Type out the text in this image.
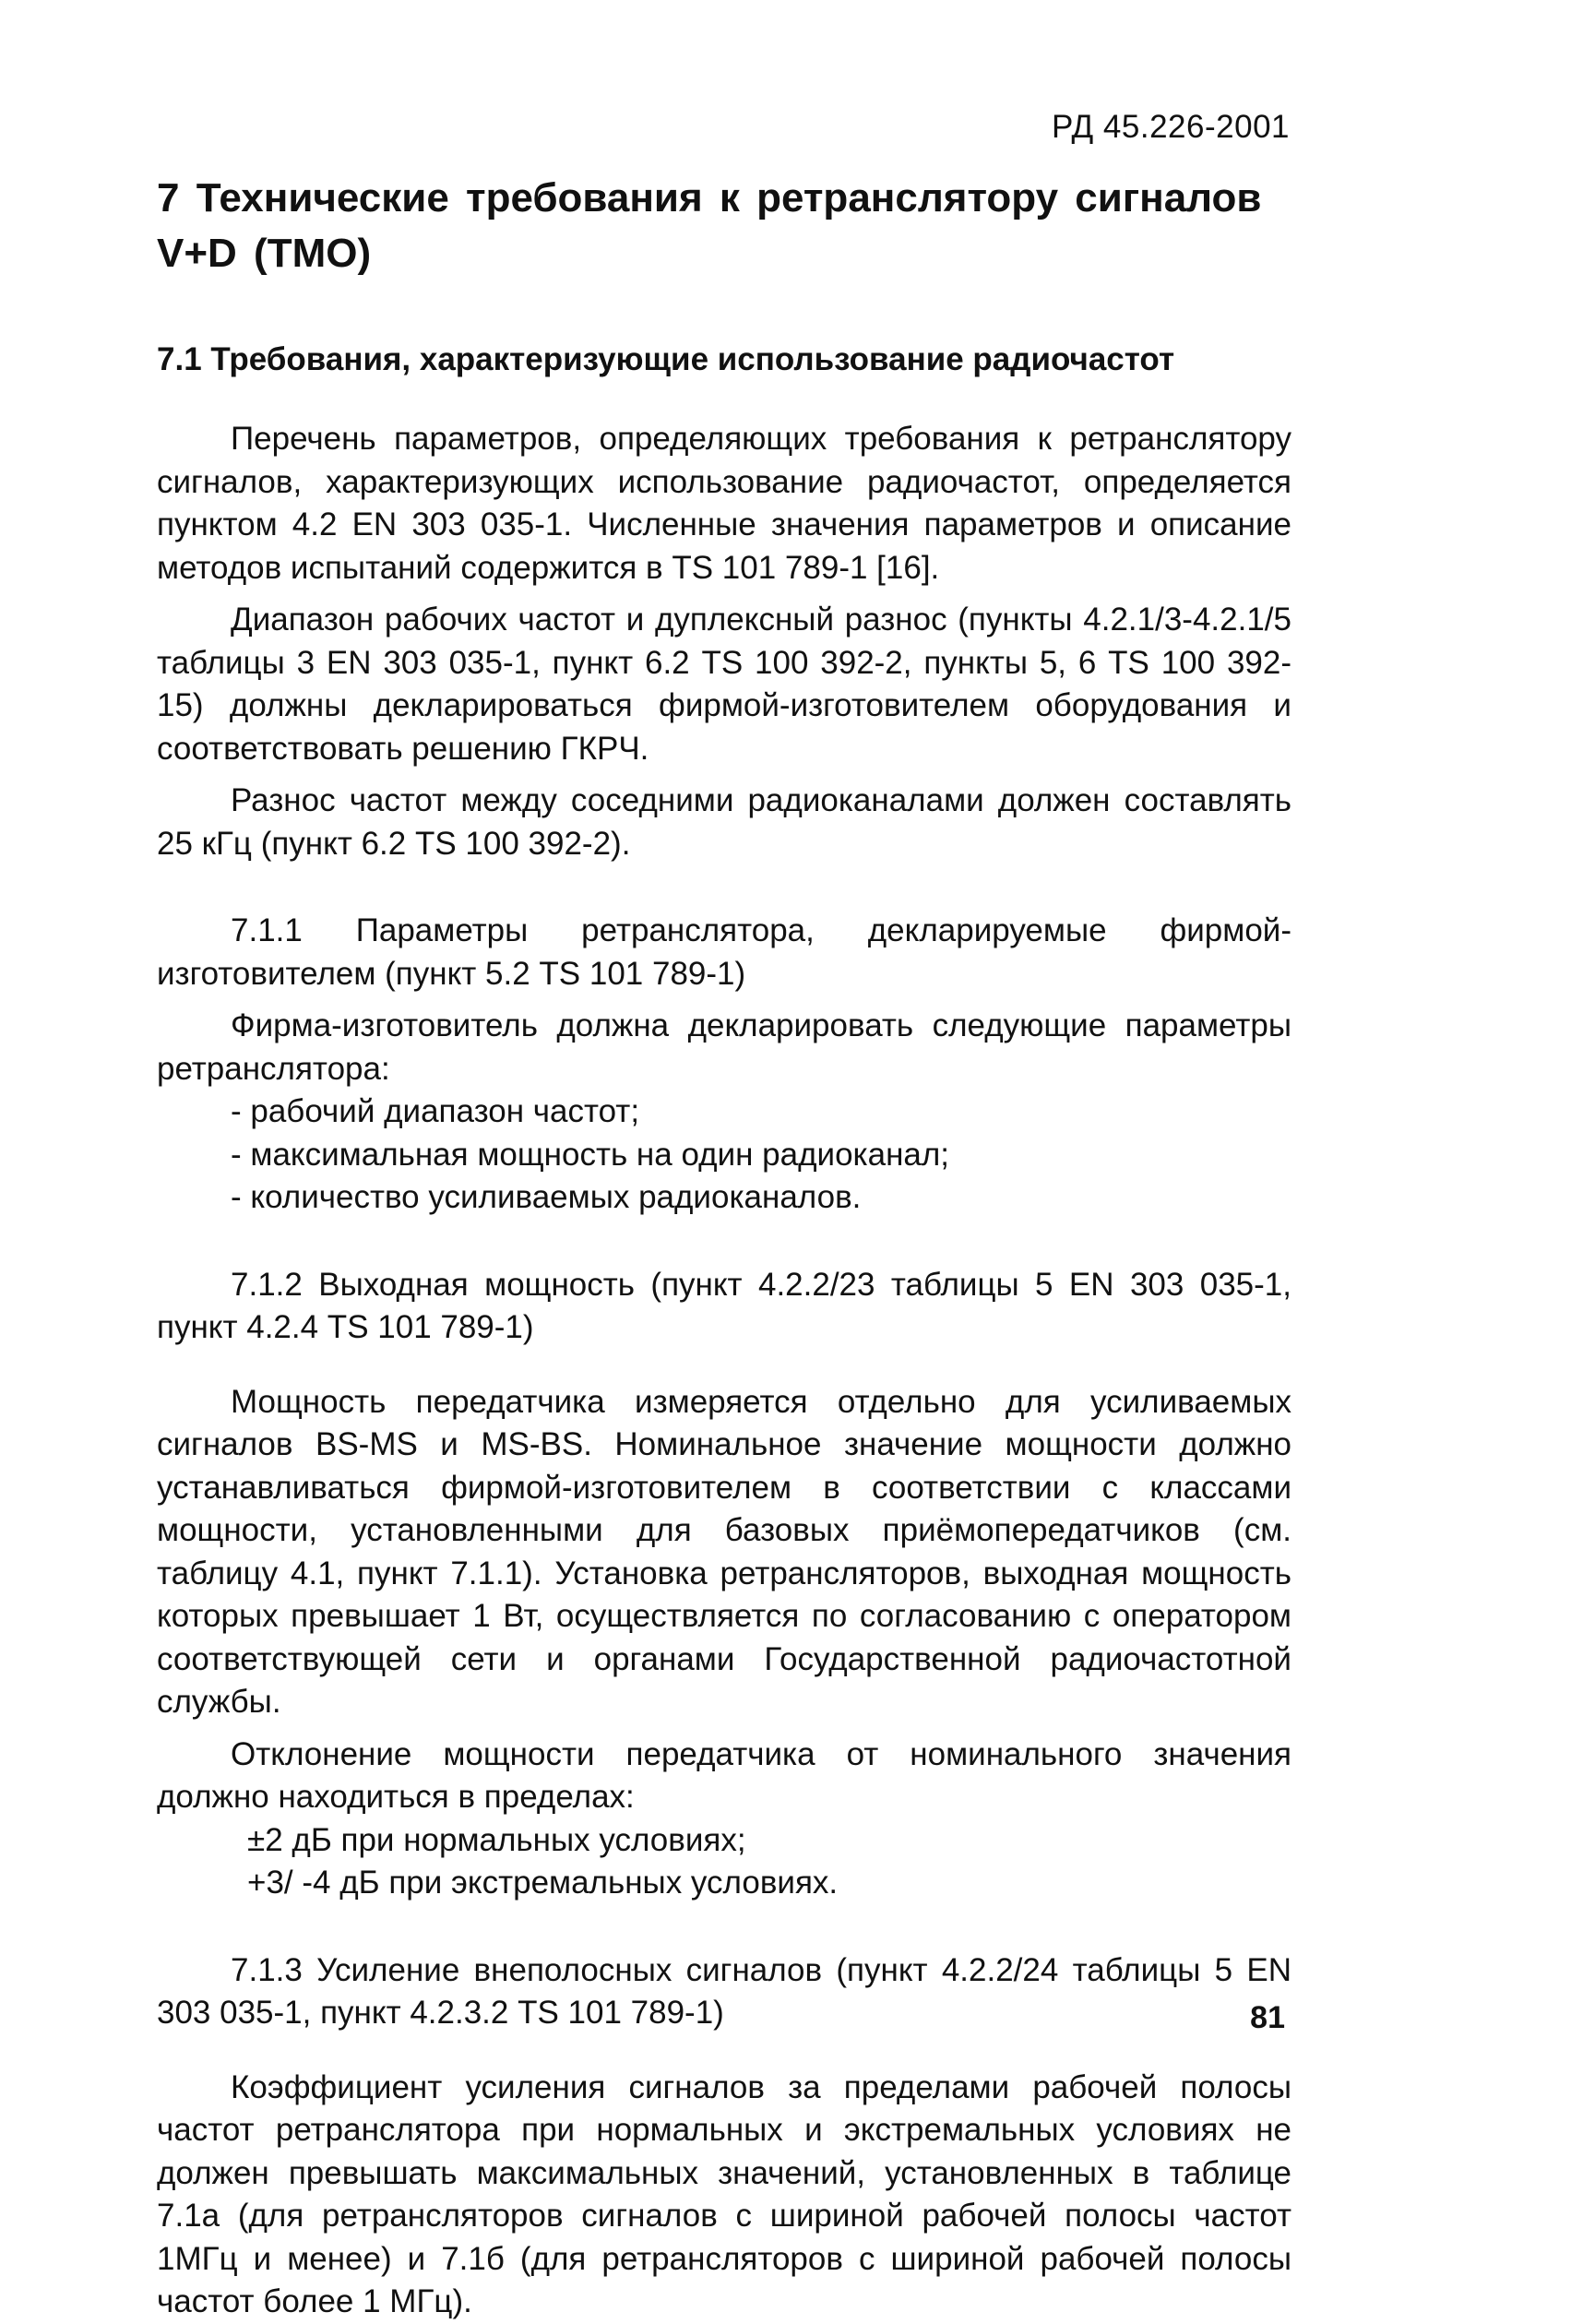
РД 45.226-2001
7 Технические требования к ретранслятору сигналов V+D (TMO)
7.1 Требования, характеризующие использование радиочастот

Перечень параметров, определяющих требования к ретранслятору сигналов, характеризующих использование радиочастот, определяется пунктом 4.2 EN 303 035-1. Численные значения параметров и описание методов испытаний содержится в TS 101 789-1 [16].

Диапазон рабочих частот и дуплексный разнос (пункты 4.2.1/3-4.2.1/5 таблицы 3 EN 303 035-1, пункт 6.2 TS 100 392-2, пункты 5, 6 TS 100 392-15) должны декларироваться фирмой-изготовителем оборудования и соответствовать решению ГКРЧ.

Разнос частот между соседними радиоканалами должен составлять 25 кГц (пункт 6.2 TS 100 392-2).

7.1.1 Параметры ретранслятора, декларируемые фирмой-изготовителем (пункт 5.2 TS 101 789-1)

Фирма-изготовитель должна декларировать следующие параметры ретранслятора:

- рабочий диапазон частот;

- максимальная мощность на один радиоканал;

- количество усиливаемых радиоканалов.

7.1.2 Выходная мощность (пункт 4.2.2/23 таблицы 5 EN 303 035-1, пункт 4.2.4 TS 101 789-1)

Мощность передатчика измеряется отдельно для усиливаемых сигналов BS-MS и MS-BS. Номинальное значение мощности должно устанавливаться фирмой-изготовителем в соответствии с классами мощности, установленными для базовых приёмопередатчиков (см. таблицу 4.1, пункт 7.1.1). Установка ретрансляторов, выходная мощность которых превышает 1 Вт, осуществляется по согласованию с оператором соответствующей сети и органами Государственной радиочастотной службы.

Отклонение мощности передатчика от номинального значения должно находиться в пределах:

±2 дБ при нормальных условиях;

+3/ -4 дБ при экстремальных условиях.

7.1.3 Усиление внеполосных сигналов (пункт 4.2.2/24 таблицы 5 EN 303 035-1, пункт 4.2.3.2 TS 101 789-1)

Коэффициент усиления сигналов за пределами рабочей полосы частот ретранслятора при нормальных и экстремальных условиях не должен превышать максимальных значений, установленных в таблице 7.1а (для ретрансляторов сигналов с шириной рабочей полосы частот 1МГц и менее) и 7.1б (для ретрансляторов с шириной рабочей полосы частот более 1 МГц).

81
